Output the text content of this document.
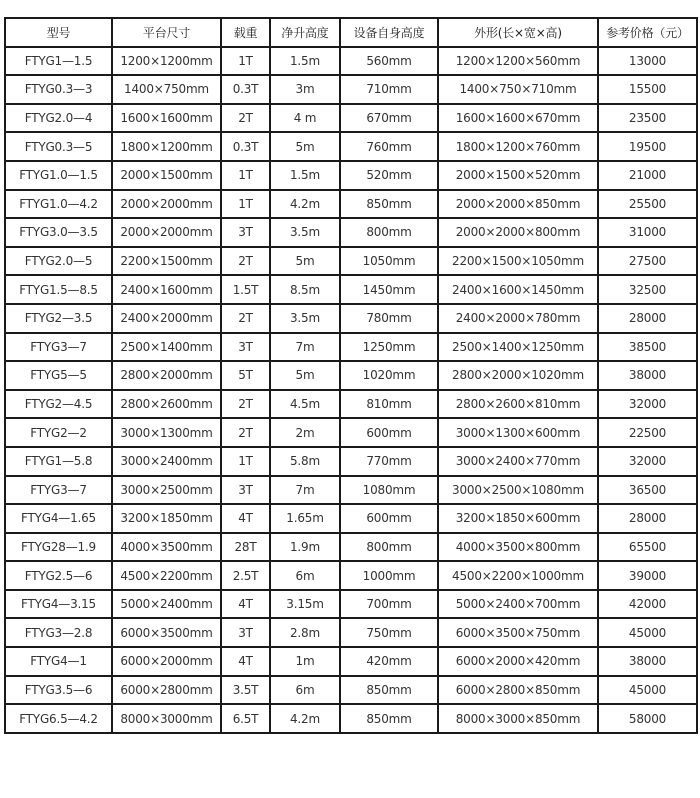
型号	平台尺寸	载重	净升高度	设备自身高度	外形(长×宽×高)	参考价格（元）
FTYG1—1.5	1200×1200mm	1T	1.5m	560mm	1200×1200×560mm	13000
FTYG0.3—3	1400×750mm	0.3T	3m	710mm	1400×750×710mm	15500
FTYG2.0—4	1600×1600mm	2T	4 m	670mm	1600×1600×670mm	23500
FTYG0.3—5	1800×1200mm	0.3T	5m	760mm	1800×1200×760mm	19500
FTYG1.0—1.5	2000×1500mm	1T	1.5m	520mm	2000×1500×520mm	21000
FTYG1.0—4.2	2000×2000mm	1T	4.2m	850mm	2000×2000×850mm	25500
FTYG3.0—3.5	2000×2000mm	3T	3.5m	800mm	2000×2000×800mm	31000
FTYG2.0—5	2200×1500mm	2T	5m	1050mm	2200×1500×1050mm	27500
FTYG1.5—8.5	2400×1600mm	1.5T	8.5m	1450mm	2400×1600×1450mm	32500
FTYG2—3.5	2400×2000mm	2T	3.5m	780mm	2400×2000×780mm	28000
FTYG3—7	2500×1400mm	3T	7m	1250mm	2500×1400×1250mm	38500
FTYG5—5	2800×2000mm	5T	5m	1020mm	2800×2000×1020mm	38000
FTYG2—4.5	2800×2600mm	2T	4.5m	810mm	2800×2600×810mm	32000
FTYG2—2	3000×1300mm	2T	2m	600mm	3000×1300×600mm	22500
FTYG1—5.8	3000×2400mm	1T	5.8m	770mm	3000×2400×770mm	32000
FTYG3—7	3000×2500mm	3T	7m	1080mm	3000×2500×1080mm	36500
FTYG4—1.65	3200×1850mm	4T	1.65m	600mm	3200×1850×600mm	28000
FTYG28—1.9	4000×3500mm	28T	1.9m	800mm	4000×3500×800mm	65500
FTYG2.5—6	4500×2200mm	2.5T	6m	1000mm	4500×2200×1000mm	39000
FTYG4—3.15	5000×2400mm	4T	3.15m	700mm	5000×2400×700mm	42000
FTYG3—2.8	6000×3500mm	3T	2.8m	750mm	6000×3500×750mm	45000
FTYG4—1	6000×2000mm	4T	1m	420mm	6000×2000×420mm	38000
FTYG3.5—6	6000×2800mm	3.5T	6m	850mm	6000×2800×850mm	45000
FTYG6.5—4.2	8000×3000mm	6.5T	4.2m	850mm	8000×3000×850mm	58000
